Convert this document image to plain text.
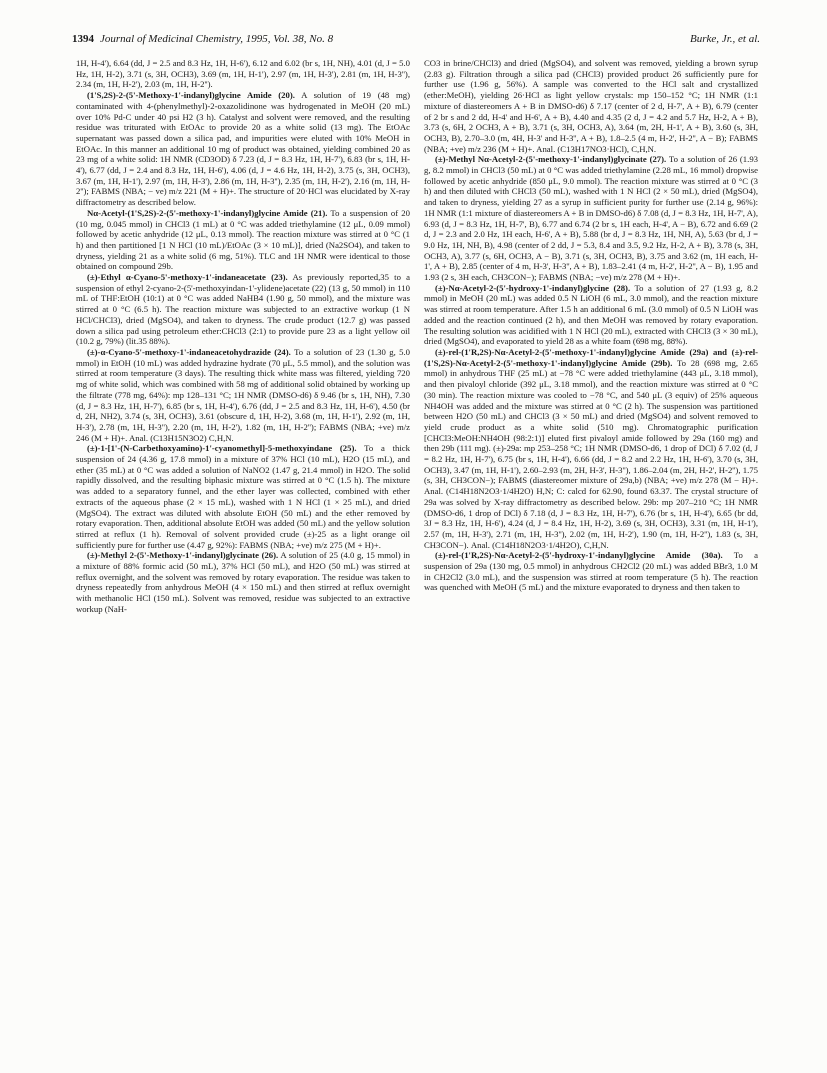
1394 Journal of Medicinal Chemistry, 1995, Vol. 38, No. 8	Burke, Jr., et al.

1H, H-4'), 6.64 (dd, J = 2.5 and 8.3 Hz, 1H, H-6'), 6.12 and 6.02 (br s, 1H, NH), 4.01 (d, J = 5.0 Hz, 1H, H-2), 3.71 (s, 3H, OCH3), 3.69 (m, 1H, H-1'), 2.97 (m, 1H, H-3'), 2.81 (m, 1H, H-3''), 2.34 (m, 1H, H-2'), 2.03 (m, 1H, H-2'').

(1'S,2S)-2-(5'-Methoxy-1'-indanyl)glycine Amide (20). A solution of 19 (48 mg) contaminated with 4-(phenylmethyl)-2-oxazolidinone was hydrogenated in MeOH (20 mL) over 10% Pd-C under 40 psi H2 (3 h). Catalyst and solvent were removed, and the resulting residue was triturated with EtOAc to provide 20 as a white solid (13 mg). The EtOAc supernatant was passed down a silica pad, and impurities were eluted with 10% MeOH in EtOAc. In this manner an additional 10 mg of product was obtained, yielding combined 20 as 23 mg of a white solid: 1H NMR (CD3OD) δ 7.23 (d, J = 8.3 Hz, 1H, H-7'), 6.83 (br s, 1H, H-4'), 6.77 (dd, J = 2.4 and 8.3 Hz, 1H, H-6'), 4.06 (d, J = 4.6 Hz, 1H, H-2), 3.75 (s, 3H, OCH3), 3.67 (m, 1H, H-1'), 2.97 (m, 1H, H-3'), 2.86 (m, 1H, H-3''), 2.35 (m, 1H, H-2'), 2.16 (m, 1H, H-2''); FABMS (NBA; − ve) m/z 221 (M + H)+. The structure of 20·HCl was elucidated by X-ray diffractometry as described below.

Nα-Acetyl-(1'S,2S)-2-(5'-methoxy-1'-indanyl)glycine Amide (21). To a suspension of 20 (10 mg, 0.045 mmol) in CHCl3 (1 mL) at 0 °C was added triethylamine (12 μL, 0.09 mmol) followed by acetic anhydride (12 μL, 0.13 mmol). The reaction mixture was stirred at 0 °C (1 h) and then partitioned [1 N HCl (10 mL)/EtOAc (3 × 10 mL)], dried (Na2SO4), and taken to dryness, yielding 21 as a white solid (6 mg, 51%). TLC and 1H NMR were identical to those obtained on compound 29b.

(±)-Ethyl α-Cyano-5'-methoxy-1'-indaneacetate (23). As previously reported,35 to a suspension of ethyl 2-cyano-2-(5'-methoxyindan-1'-ylidene)acetate (22) (13 g, 50 mmol) in 110 mL of THF:EtOH (10:1) at 0 °C was added NaHB4 (1.90 g, 50 mmol), and the mixture was stirred at 0 °C (6.5 h). The reaction mixture was subjected to an extractive workup (1 N HCl/CHCl3), dried (MgSO4), and taken to dryness. The crude product (12.7 g) was passed down a silica pad using petroleum ether:CHCl3 (2:1) to provide pure 23 as a light yellow oil (10.2 g, 79%) (lit.35 88%).

(±)-α-Cyano-5'-methoxy-1'-indaneacetohydrazide (24). To a solution of 23 (1.30 g, 5.0 mmol) in EtOH (10 mL) was added hydrazine hydrate (70 μL, 5.5 mmol), and the solution was stirred at room temperature (3 days). The resulting thick white mass was filtered, yielding 720 mg of white solid, which was combined with 58 mg of additional solid obtained by working up the filtrate (778 mg, 64%): mp 128–131 °C; 1H NMR (DMSO-d6) δ 9.46 (br s, 1H, NH), 7.30 (d, J = 8.3 Hz, 1H, H-7'), 6.85 (br s, 1H, H-4'), 6.76 (dd, J = 2.5 and 8.3 Hz, 1H, H-6'), 4.50 (br d, 2H, NH2), 3.74 (s, 3H, OCH3), 3.61 (obscure d, 1H, H-2), 3.68 (m, 1H, H-1'), 2.92 (m, 1H, H-3'), 2.78 (m, 1H, H-3''), 2.20 (m, 1H, H-2'), 1.82 (m, 1H, H-2''); FABMS (NBA; +ve) m/z 246 (M + H)+. Anal. (C13H15N3O2) C,H,N.

(±)-1-[1'-(N-Carbethoxyamino)-1'-cyanomethyl]-5-methoxyindane (25). To a thick suspension of 24 (4.36 g, 17.8 mmol) in a mixture of 37% HCl (10 mL), H2O (15 mL), and ether (35 mL) at 0 °C was added a solution of NaNO2 (1.47 g, 21.4 mmol) in H2O. The solid rapidly dissolved, and the resulting biphasic mixture was stirred at 0 °C (1.5 h). The mixture was added to a separatory funnel, and the ether layer was collected, combined with ether extracts of the aqueous phase (2 × 15 mL), washed with 1 N HCl (1 × 25 mL), and dried (MgSO4). The extract was diluted with absolute EtOH (50 mL) and the ether removed by rotary evaporation. Then, additional absolute EtOH was added (50 mL) and the yellow solution stirred at reflux (1 h). Removal of solvent provided crude (±)-25 as a light orange oil sufficiently pure for further use (4.47 g, 92%): FABMS (NBA; +ve) m/z 275 (M + H)+.

(±)-Methyl 2-(5'-Methoxy-1'-indanyl)glycinate (26). A solution of 25 (4.0 g, 15 mmol) in a mixture of 88% formic acid (50 mL), 37% HCl (50 mL), and H2O (50 mL) was stirred at reflux overnight, and the solvent was removed by rotary evaporation. The residue was taken to dryness repeatedly from anhydrous MeOH (4 × 150 mL) and then stirred at reflux overnight with methanolic HCl (150 mL). Solvent was removed, residue was subjected to an extractive workup (NaH-

CO3 in brine/CHCl3) and dried (MgSO4), and solvent was removed, yielding a brown syrup (2.83 g). Filtration through a silica pad (CHCl3) provided product 26 sufficiently pure for further use (1.96 g, 56%). A sample was converted to the HCl salt and crystallized (ether:MeOH), yielding 26·HCl as light yellow crystals: mp 150–152 °C; 1H NMR (1:1 mixture of diastereomers A + B in DMSO-d6) δ 7.17 (center of 2 d, H-7', A + B), 6.79 (center of 2 br s and 2 dd, H-4' and H-6', A + B), 4.40 and 4.35 (2 d, J = 4.2 and 5.7 Hz, H-2, A + B), 3.73 (s, 6H, 2 OCH3, A + B), 3.71 (s, 3H, OCH3, A), 3.64 (m, 2H, H-1', A + B), 3.60 (s, 3H, OCH3, B), 2.70–3.0 (m, 4H, H-3' and H-3'', A + B), 1.8–2.5 (4 m, H-2', H-2'', A − B); FABMS (NBA; +ve) m/z 236 (M + H)+. Anal. (C13H17NO3·HCl), C,H,N.

(±)-Methyl Nα-Acetyl-2-(5'-methoxy-1'-indanyl)glycinate (27). To a solution of 26 (1.93 g, 8.2 mmol) in CHCl3 (50 mL) at 0 °C was added triethylamine (2.28 mL, 16 mmol) dropwise followed by acetic anhydride (850 μL, 9.0 mmol). The reaction mixture was stirred at 0 °C (3 h) and then diluted with CHCl3 (50 mL), washed with 1 N HCl (2 × 50 mL), dried (MgSO4), and taken to dryness, yielding 27 as a syrup in sufficient purity for further use (2.14 g, 96%): 1H NMR (1:1 mixture of diastereomers A + B in DMSO-d6) δ 7.08 (d, J = 8.3 Hz, 1H, H-7', A), 6.93 (d, J = 8.3 Hz, 1H, H-7', B), 6.77 and 6.74 (2 br s, 1H each, H-4', A − B), 6.72 and 6.69 (2 d, J = 2.3 and 2.0 Hz, 1H each, H-6', A + B), 5.88 (br d, J = 8.3 Hz, 1H, NH, A), 5.63 (br d, J = 9.0 Hz, 1H, NH, B), 4.98 (center of 2 dd, J = 5.3, 8.4 and 3.5, 9.2 Hz, H-2, A + B), 3.78 (s, 3H, OCH3, A), 3.77 (s, 6H, OCH3, A − B), 3.71 (s, 3H, OCH3, B), 3.75 and 3.62 (m, 1H each, H-1', A + B), 2.85 (center of 4 m, H-3', H-3'', A + B), 1.83–2.41 (4 m, H-2', H-2'', A − B), 1.95 and 1.93 (2 s, 3H each, CH3CON−); FABMS (NBA; −ve) m/z 278 (M + H)+.

(±)-Nα-Acetyl-2-(5'-hydroxy-1'-indanyl)glycine (28). To a solution of 27 (1.93 g, 8.2 mmol) in MeOH (20 mL) was added 0.5 N LiOH (6 mL, 3.0 mmol), and the reaction mixture was stirred at room temperature. After 1.5 h an additional 6 mL (3.0 mmol) of 0.5 N LiOH was added and the reaction continued (2 h), and then MeOH was removed by rotary evaporation. The resulting solution was acidified with 1 N HCl (20 mL), extracted with CHCl3 (3 × 30 mL), dried (MgSO4), and evaporated to yield 28 as a white foam (698 mg, 88%).

(±)-rel-(1'R,2S)-Nα-Acetyl-2-(5'-methoxy-1'-indanyl)glycine Amide (29a) and (±)-rel-(1'S,2S)-Nα-Acetyl-2-(5'-methoxy-1'-indanyl)glycine Amide (29b). To 28 (698 mg, 2.65 mmol) in anhydrous THF (25 mL) at −78 °C were added triethylamine (443 μL, 3.18 mmol), and then pivaloyl chloride (392 μL, 3.18 mmol), and the reaction mixture was stirred at 0 °C (30 min). The reaction mixture was cooled to −78 °C, and 540 μL (3 equiv) of 25% aqueous NH4OH was added and the mixture was stirred at 0 °C (2 h). The suspension was partitioned between H2O (50 mL) and CHCl3 (3 × 50 mL) and dried (MgSO4) and solvent removed to yield crude product as a white solid (510 mg). Chromatographic purification [CHCl3:MeOH:NH4OH (98:2:1)] eluted first pivaloyl amide followed by 29a (160 mg) and then 29b (111 mg). (±)-29a: mp 253–258 °C; 1H NMR (DMSO-d6, 1 drop of DCl) δ 7.02 (d, J = 8.2 Hz, 1H, H-7'), 6.75 (br s, 1H, H-4'), 6.66 (dd, J = 8.2 and 2.2 Hz, 1H, H-6'), 3.70 (s, 3H, OCH3), 3.47 (m, 1H, H-1'), 2.60–2.93 (m, 2H, H-3', H-3''), 1.86–2.04 (m, 2H, H-2', H-2''), 1.75 (s, 3H, CH3CON−); FABMS (diastereomer mixture of 29a,b) (NBA; +ve) m/z 278 (M − H)+. Anal. (C14H18N2O3·1/4H2O) H,N; C: calcd for 62.90, found 63.37. The crystal structure of 29a was solved by X-ray diffractometry as described below. 29b: mp 207–210 °C; 1H NMR (DMSO-d6, 1 drop of DCl) δ 7.18 (d, J = 8.3 Hz, 1H, H-7'), 6.76 (br s, 1H, H-4'), 6.65 (br dd, 3J = 8.3 Hz, 1H, H-6'), 4.24 (d, J = 8.4 Hz, 1H, H-2), 3.69 (s, 3H, OCH3), 3.31 (m, 1H, H-1'), 2.57 (m, 1H, H-3'), 2.71 (m, 1H, H-3''), 2.02 (m, 1H, H-2'), 1.90 (m, 1H, H-2''), 1.83 (s, 3H, CH3CON−). Anal. (C14H18N2O3·1/4H2O), C,H,N.

(±)-rel-(1'R,2S)-Nα-Acetyl-2-(5'-hydroxy-1'-indanyl)glycine Amide (30a). To a suspension of 29a (130 mg, 0.5 mmol) in anhydrous CH2Cl2 (20 mL) was added BBr3, 1.0 M in CH2Cl2 (3.0 mL), and the suspension was stirred at room temperature (5 h). The reaction was quenched with MeOH (5 mL) and the mixture evaporated to dryness and then taken to
